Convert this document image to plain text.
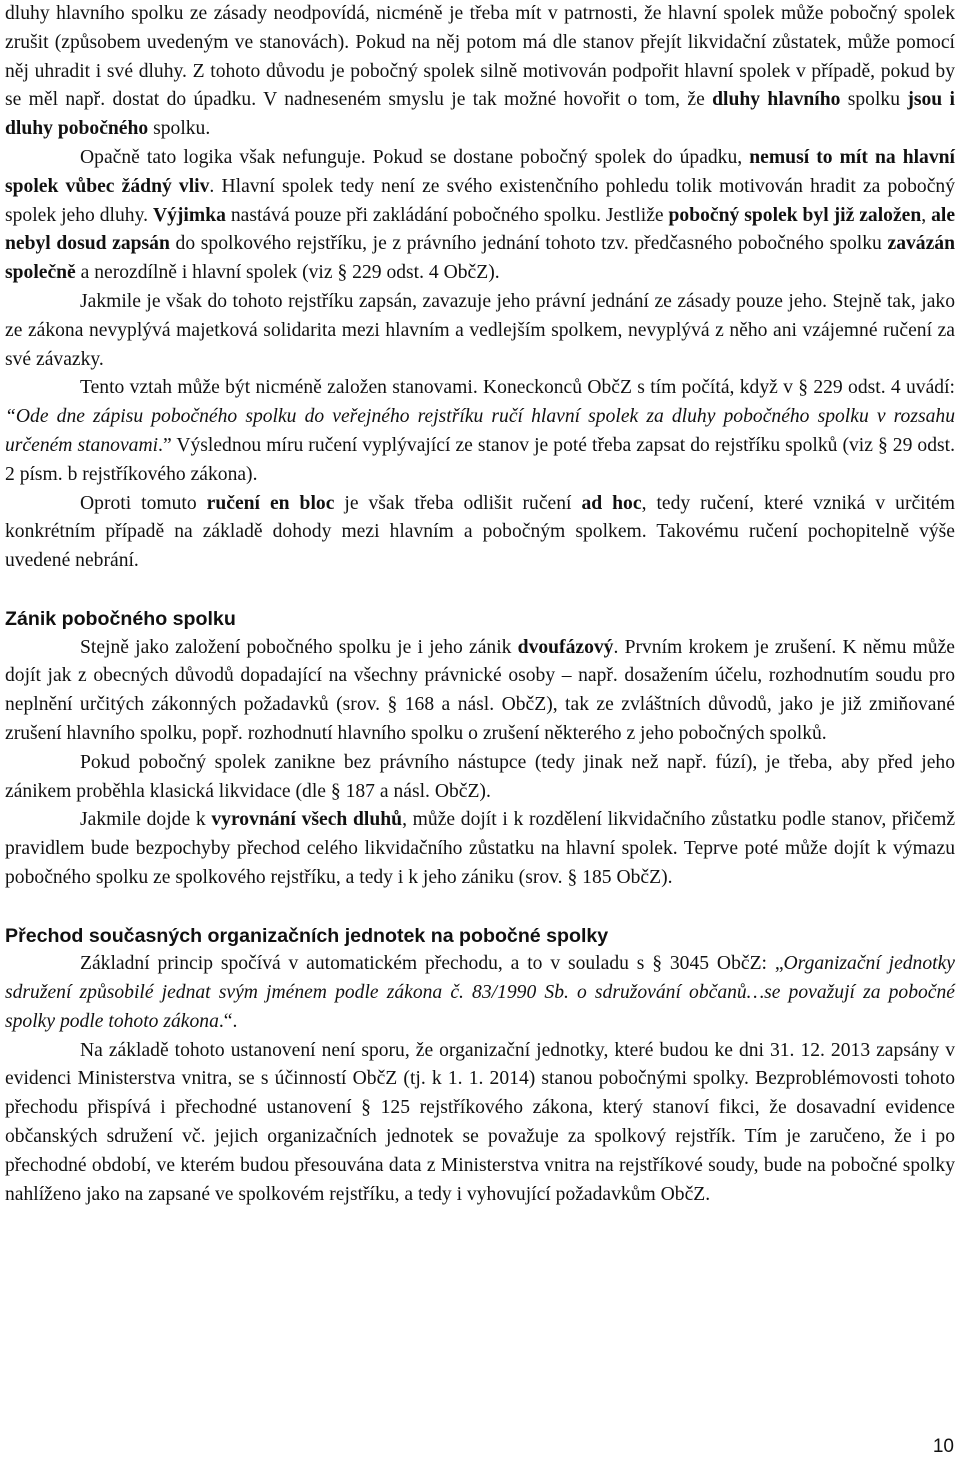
dluhy hlavního spolku ze zásady neodpovídá, nicméně je třeba mít v patrnosti, že hlavní spolek může pobočný spolek zrušit (způsobem uvedeným ve stanovách). Pokud na něj potom má dle stanov přejít likvidační zůstatek, může pomocí něj uhradit i své dluhy. Z tohoto důvodu je pobočný spolek silně motivován podpořit hlavní spolek v případě, pokud by se měl např. dostat do úpadku. V nadneseném smyslu je tak možné hovořit o tom, že dluhy hlavního spolku jsou i dluhy pobočného spolku.

Opačně tato logika však nefunguje. Pokud se dostane pobočný spolek do úpadku, nemusí to mít na hlavní spolek vůbec žádný vliv. Hlavní spolek tedy není ze svého existenčního pohledu tolik motivován hradit za pobočný spolek jeho dluhy. Výjimka nastává pouze při zakládání pobočného spolku. Jestliže pobočný spolek byl již založen, ale nebyl dosud zapsán do spolkového rejstříku, je z právního jednání tohoto tzv. předčasného pobočného spolku zavázán společně a nerozdílně i hlavní spolek (viz § 229 odst. 4 ObčZ).

Jakmile je však do tohoto rejstříku zapsán, zavazuje jeho právní jednání ze zásady pouze jeho. Stejně tak, jako ze zákona nevyplývá majetková solidarita mezi hlavním a vedlejším spolkem, nevyplývá z něho ani vzájemné ručení za své závazky.

Tento vztah může být nicméně založen stanovami. Koneckonců ObčZ s tím počítá, když v § 229 odst. 4 uvádí: “Ode dne zápisu pobočného spolku do veřejného rejstříku ručí hlavní spolek za dluhy pobočného spolku v rozsahu určeném stanovami.” Výslednou míru ručení vyplývající ze stanov je poté třeba zapsat do rejstříku spolků (viz § 29 odst. 2 písm. b rejstříkového zákona).

Oproti tomuto ručení en bloc je však třeba odlišit ručení ad hoc, tedy ručení, které vzniká v určitém konkrétním případě na základě dohody mezi hlavním a pobočným spolkem. Takovému ručení pochopitelně výše uvedené nebrání.

Zánik pobočného spolku

Stejně jako založení pobočného spolku je i jeho zánik dvoufázový. Prvním krokem je zrušení. K němu může dojít jak z obecných důvodů dopadající na všechny právnické osoby – např. dosažením účelu, rozhodnutím soudu pro neplnění určitých zákonných požadavků (srov. § 168 a násl. ObčZ), tak ze zvláštních důvodů, jako je již zmiňované zrušení hlavního spolku, popř. rozhodnutí hlavního spolku o zrušení některého z jeho pobočných spolků.

Pokud pobočný spolek zanikne bez právního nástupce (tedy jinak než např. fúzí), je třeba, aby před jeho zánikem proběhla klasická likvidace (dle § 187 a násl. ObčZ).

Jakmile dojde k vyrovnání všech dluhů, může dojít i k rozdělení likvidačního zůstatku podle stanov, přičemž pravidlem bude bezpochyby přechod celého likvidačního zůstatku na hlavní spolek. Teprve poté může dojít k výmazu pobočného spolku ze spolkového rejstříku, a tedy i k jeho zániku (srov. § 185 ObčZ).

Přechod současných organizačních jednotek na pobočné spolky

Základní princip spočívá v automatickém přechodu, a to v souladu s § 3045 ObčZ: „Organizační jednotky sdružení způsobilé jednat svým jménem podle zákona č. 83/1990 Sb. o sdružování občanů…se považují za pobočné spolky podle tohoto zákona.“.

Na základě tohoto ustanovení není sporu, že organizační jednotky, které budou ke dni 31. 12. 2013 zapsány v evidenci Ministerstva vnitra, se s účinností ObčZ (tj. k 1. 1. 2014) stanou pobočnými spolky. Bezproblémovosti tohoto přechodu přispívá i přechodné ustanovení § 125 rejstříkového zákona, který stanoví fikci, že dosavadní evidence občanských sdružení vč. jejich organizačních jednotek se považuje za spolkový rejstřík. Tím je zaručeno, že i po přechodné období, ve kterém budou přesouvána data z Ministerstva vnitra na rejstříkové soudy, bude na pobočné spolky nahlíženo jako na zapsané ve spolkovém rejstříku, a tedy i vyhovující požadavkům ObčZ.

10
